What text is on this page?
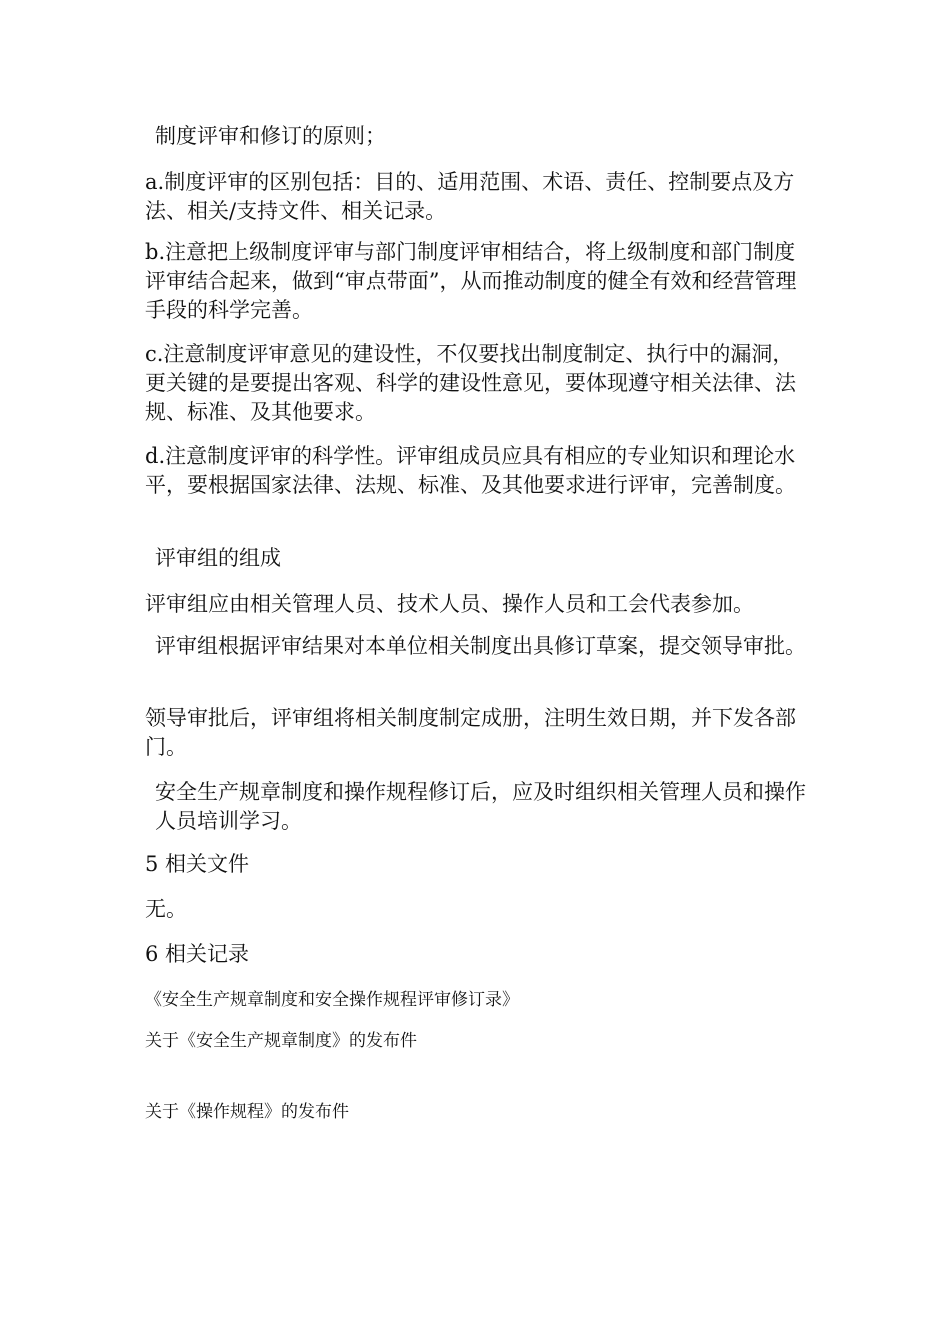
制度评审和修订的原则；

a.制度评审的区别包括：目的、适用范围、术语、责任、控制要点及方法、相关/支持文件、相关记录。

b.注意把上级制度评审与部门制度评审相结合，将上级制度和部门制度评审结合起来，做到“审点带面”，从而推动制度的健全有效和经营管理手段的科学完善。

c.注意制度评审意见的建设性，不仅要找出制度制定、执行中的漏洞，更关键的是要提出客观、科学的建设性意见，要体现遵守相关法律、法规、标准、及其他要求。

d.注意制度评审的科学性。评审组成员应具有相应的专业知识和理论水平，要根据国家法律、法规、标准、及其他要求进行评审，完善制度。

评审组的组成

评审组应由相关管理人员、技术人员、操作人员和工会代表参加。

评审组根据评审结果对本单位相关制度出具修订草案，提交领导审批。

领导审批后，评审组将相关制度制定成册，注明生效日期，并下发各部门。

安全生产规章制度和操作规程修订后，应及时组织相关管理人员和操作人员培训学习。

5 相关文件

无。

6 相关记录

《安全生产规章制度和安全操作规程评审修订录》

关于《安全生产规章制度》的发布件

关于《操作规程》的发布件
